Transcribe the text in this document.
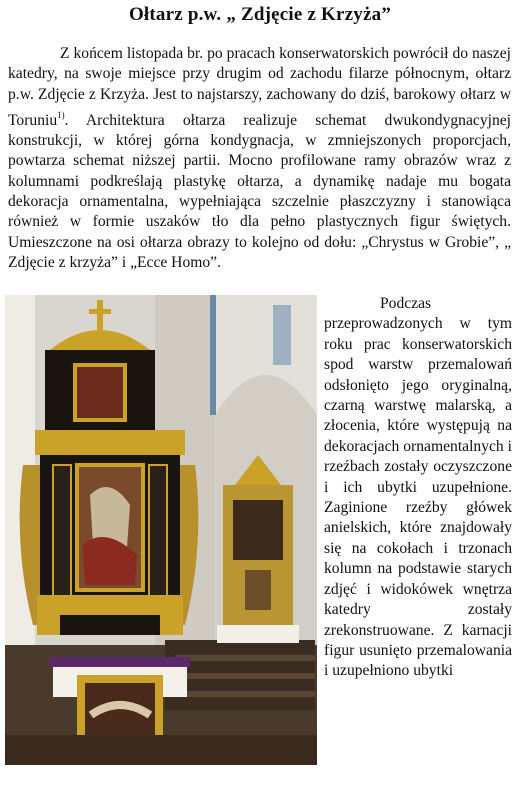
Ołtarz p.w. „ Zdjęcie z Krzyża”

Z końcem listopada br. po pracach konserwatorskich powrócił do naszej katedry, na swoje miejsce przy drugim od zachodu filarze północnym, ołtarz p.w. Zdjęcie z Krzyża. Jest to najstarszy, zachowany do dziś, barokowy ołtarz w Toruniu$^{1)}$. Architektura ołtarza realizuje schemat dwukondygnacyjnej konstrukcji, w której górna kondygnacja, w zmniejszonych proporcjach, powtarza schemat niższej partii. Mocno profilowane ramy obrazów wraz z kolumnami podkreślają plastykę ołtarza, a dynamikę nadaje mu bogata dekoracja ornamentalna, wypełniająca szczelnie płaszczyzny i stanowiąca również w formie uszaków tło dla pełno plastycznych figur świętych. Umieszczone na osi ołtarza obrazy to kolejno od dołu: „Chrystus w Grobie”, „ Zdjęcie z krzyża” i „Ecce Homo”.

Podczas przeprowadzonych w tym roku prac konserwatorskich spod warstw przemalowań odsłonięto jego oryginalną, czarną warstwę malarską, a złocenia, które występują na dekoracjach ornamentalnych i rzeźbach zostały oczyszczone i ich ubytki uzupełnione. Zaginione rzeźby główek anielskich, które znajdowały się na cokołach i trzonach kolumn na podstawie starych zdjęć i widokówek wnętrza katedry zostały zrekonstruowane. Z karnacji figur usunięto przemalowania i uzupełniono ubytki
